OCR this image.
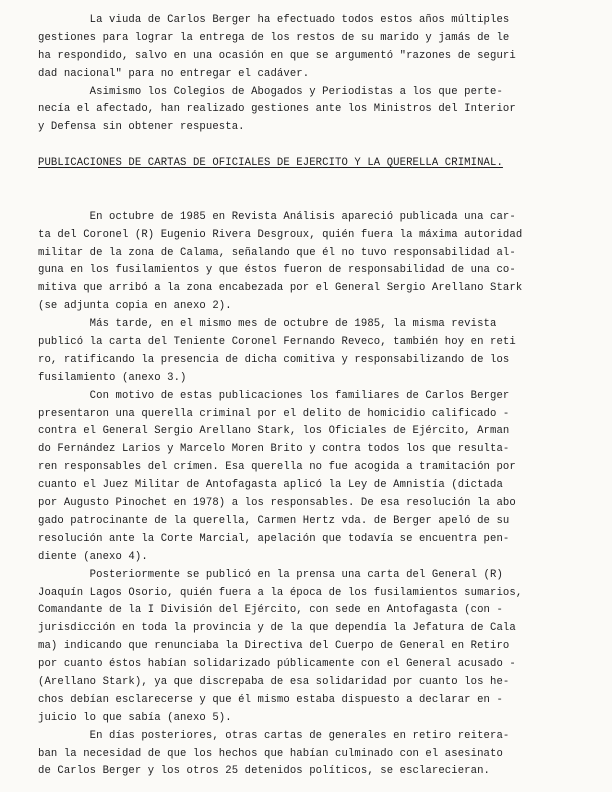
La viuda de Carlos Berger ha efectuado todos estos años múltiples
gestiones para lograr la entrega de los restos de su marido y jamás de le
ha respondido, salvo en una ocasión en que se argumentó "razones de seguri
dad nacional" para no entregar el cadáver.
Asimismo los Colegios de Abogados y Periodistas a los que perte-
necía el afectado, han realizado gestiones ante los Ministros del Interior
y Defensa sin obtener respuesta.
PUBLICACIONES DE CARTAS DE OFICIALES DE EJERCITO Y LA QUERELLA CRIMINAL.
En octubre de 1985 en Revista Análisis apareció publicada una car-
ta del Coronel (R) Eugenio Rivera Desgroux, quién fuera la máxima autoridad
militar de la zona de Calama, señalando que él no tuvo responsabilidad al-
guna en los fusilamientos y que éstos fueron de responsabilidad de una co-
mitiva que arribó a la zona encabezada por el General Sergio Arellano Stark
(se adjunta copia en anexo 2).
Más tarde, en el mismo mes de octubre de 1985, la misma revista
publicó la carta del Teniente Coronel Fernando Reveco, también hoy en reti
ro, ratificando la presencia de dicha comitiva y responsabilizando de los
fusilamiento (anexo 3.)
Con motivo de estas publicaciones los familiares de Carlos Berger
presentaron una querella criminal por el delito de homicidio calificado -
contra el General Sergio Arellano Stark, los Oficiales de Ejército, Arman
do Fernández Larios y Marcelo Moren Brito y contra todos los que resulta-
ren responsables del crímen. Esa querella no fue acogida a tramitación por
cuanto el Juez Militar de Antofagasta aplicó la Ley de Amnistía (dictada
por Augusto Pinochet en 1978) a los responsables. De esa resolución la abo
gado patrocinante de la querella, Carmen Hertz vda. de Berger apeló de su
resolución ante la Corte Marcial, apelación que todavía se encuentra pen-
diente (anexo 4).
Posteriormente se publicó en la prensa una carta del General (R)
Joaquín Lagos Osorio, quién fuera a la época de los fusilamientos sumarios,
Comandante de la I División del Ejército, con sede en Antofagasta (con -
jurisdicción en toda la provincia y de la que dependía la Jefatura de Cala
ma) indicando que renunciaba la Directiva del Cuerpo de General en Retiro
por cuanto éstos habían solidarizado públicamente con el General acusado -
(Arellano Stark), ya que discrepaba de esa solidaridad por cuanto los he-
chos debían esclarecerse y que él mismo estaba dispuesto a declarar en -
juicio lo que sabía (anexo 5).
En días posteriores, otras cartas de generales en retiro reitera-
ban la necesidad de que los hechos que habían culminado con el asesinato
de Carlos Berger y los otros 25 detenidos políticos, se esclarecieran.
